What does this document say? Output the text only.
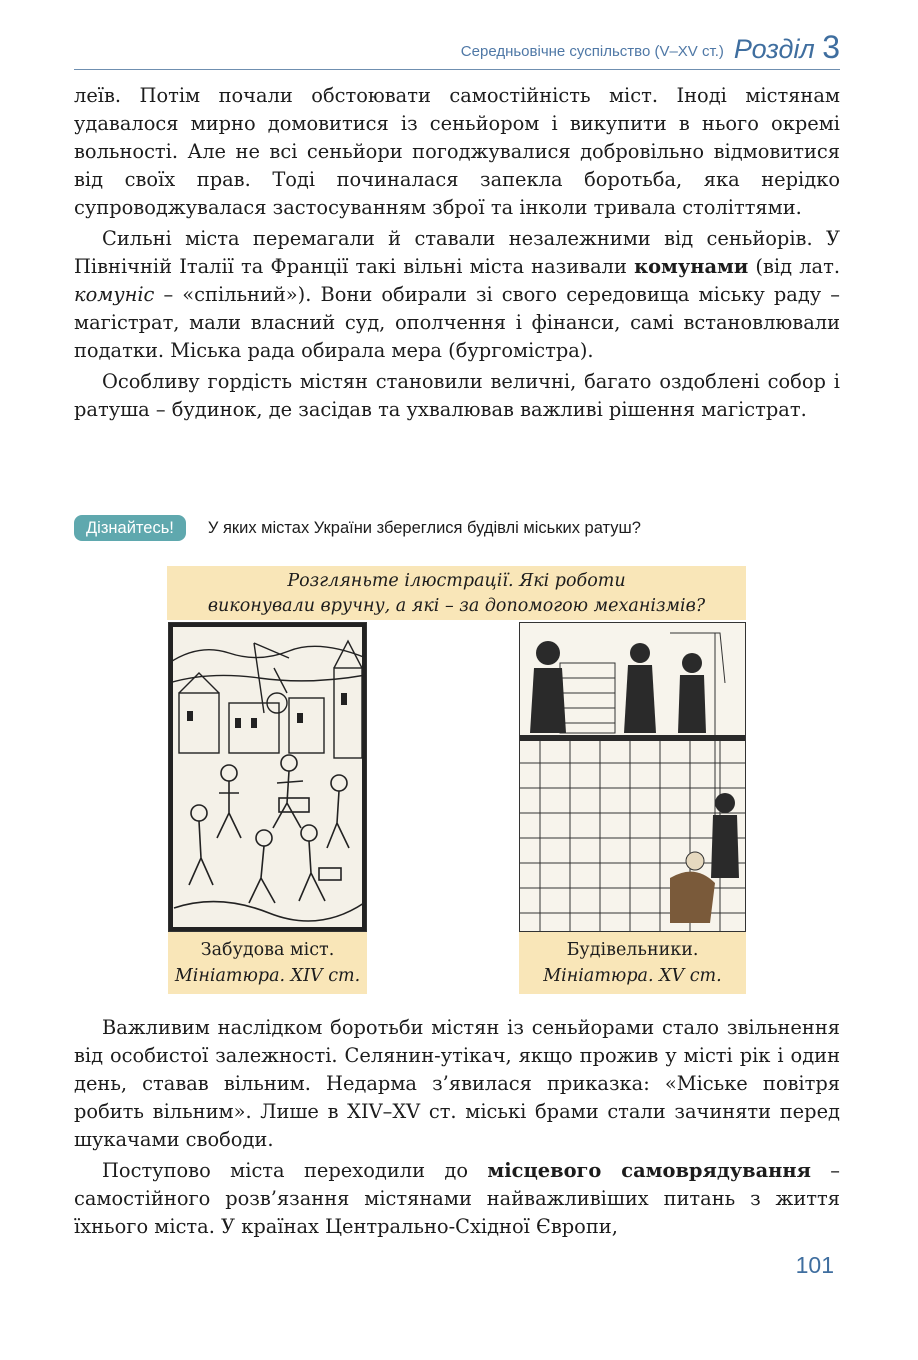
Середньовічне суспільство (V–XV ст.) Розділ 3

леїв. Потім почали обстоювати самостійність міст. Іноді містянам удавалося мирно домовитися із сеньйором і викупити в нього окремі вольності. Але не всі сеньйори погоджувалися добровільно відмовитися від своїх прав. Тоді починалася запекла боротьба, яка нерідко супроводжувалася застосуванням зброї та інколи тривала століттями.

Сильні міста перемагали й ставали незалежними від сеньйорів. У Північній Італії та Франції такі вільні міста називали комунами (від лат. комуніс – «спільний»). Вони обирали зі свого середовища міську раду – магістрат, мали власний суд, ополчення і фінанси, самі встановлювали податки. Міська рада обирала мера (бургомістра).

Особливу гордість містян становили величні, багато оздоблені собор і ратуша – будинок, де засідав та ухвалював важливі рішення магістрат.

Дізнайтесь!	У яких містах України збереглися будівлі міських ратуш?
Розгляньте ілюстрації. Які роботи
виконували вручну, а які – за допомогою механізмів?
Забудова міст.
Мініатюра. XIV ст.
Будівельники.
Мініатюра. XV ст.

Важливим наслідком боротьби містян із сеньйорами стало звільнення від особистої залежності. Селянин-утікач, якщо прожив у місті рік і один день, ставав вільним. Недарма з’явилася приказка: «Міське повітря робить вільним». Лише в XIV–XV ст. міські брами стали зачиняти перед шукачами свободи.

Поступово міста переходили до місцевого самоврядування – самостійного розв’язання містянами найважливіших питань з життя їхнього міста. У країнах Центрально-Східної Європи,

101
